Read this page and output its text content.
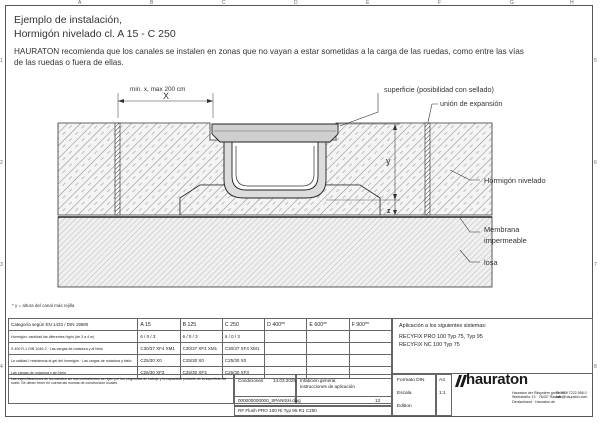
A	B	C	D	E	F	G	H
1
2
3
4
5
6
7
8
Ejemplo de instalación,
Hormigón nivelado cl. A 15 - C 250
HAURATON recomienda que los canales se instalen en zonas que no vayan a estar sometidas a la carga de las ruedas, como entre las vías de las ruedas o fuera de ellas.
min. x, max 200 cm
X
y
z
superficie (posibilidad con sellado)
unión de expansión
Hormigón nivelado
Membrana
impermeable
losa
* y = altura del canal más rejilla
Categoría según EN 1433 / DIN 19580	A 15	B 125	C 250	D 400**	E 600**	F 900**
Hormigón: cantidad las diferentes Hgris (de 3 a 4 m)	6 / 0 / 3	6 / 0 / 3	6 / 0 / 3			
S 400 R-1 DIN 1045-2 · Las cargas de rodadura y al hielo	C30/37 XF4 XM1	C30/37 XF4 XM1	C30/37 XF4 XM1			
La calidad / resistencia al gel del hormigón · Las cargas de rodadura y hielo	C25/30 X0	C25/30 X0	C25/30 X0			
Las cargas de rodadura y sin hielo	C25/30 XF3	C25/30 XF3	C25/30 XF3			
Las especificaciones de los canales sin sus contrafuertes se rigen por las exigencias de trabajo y la capacidad portante de la superficie del suelo. Se deben tener en cuenta las normas de construcción locales.
Condiciones 14.03.2025 Infabción general,
instrucciones de aplicación
000000000000_SPANISH.dwg	13
RF Flush PRO 100 Ri Typ 95 R1 C250
Aplicación a los siguientes sistemas:
RECYFIX PRO 100 Typ 75, Typ 95
RECYFIX NC 100 Typ 75
Formato DIN
Escala
Edition
A4
1:1
hauraton
Hauraton der Ritsystem gmbh 68
Werkstraße 13 · 76437 Rastatt
Deutschland · Hauraton.de
Tel +49 7222 958 0
info@hauraton.com
